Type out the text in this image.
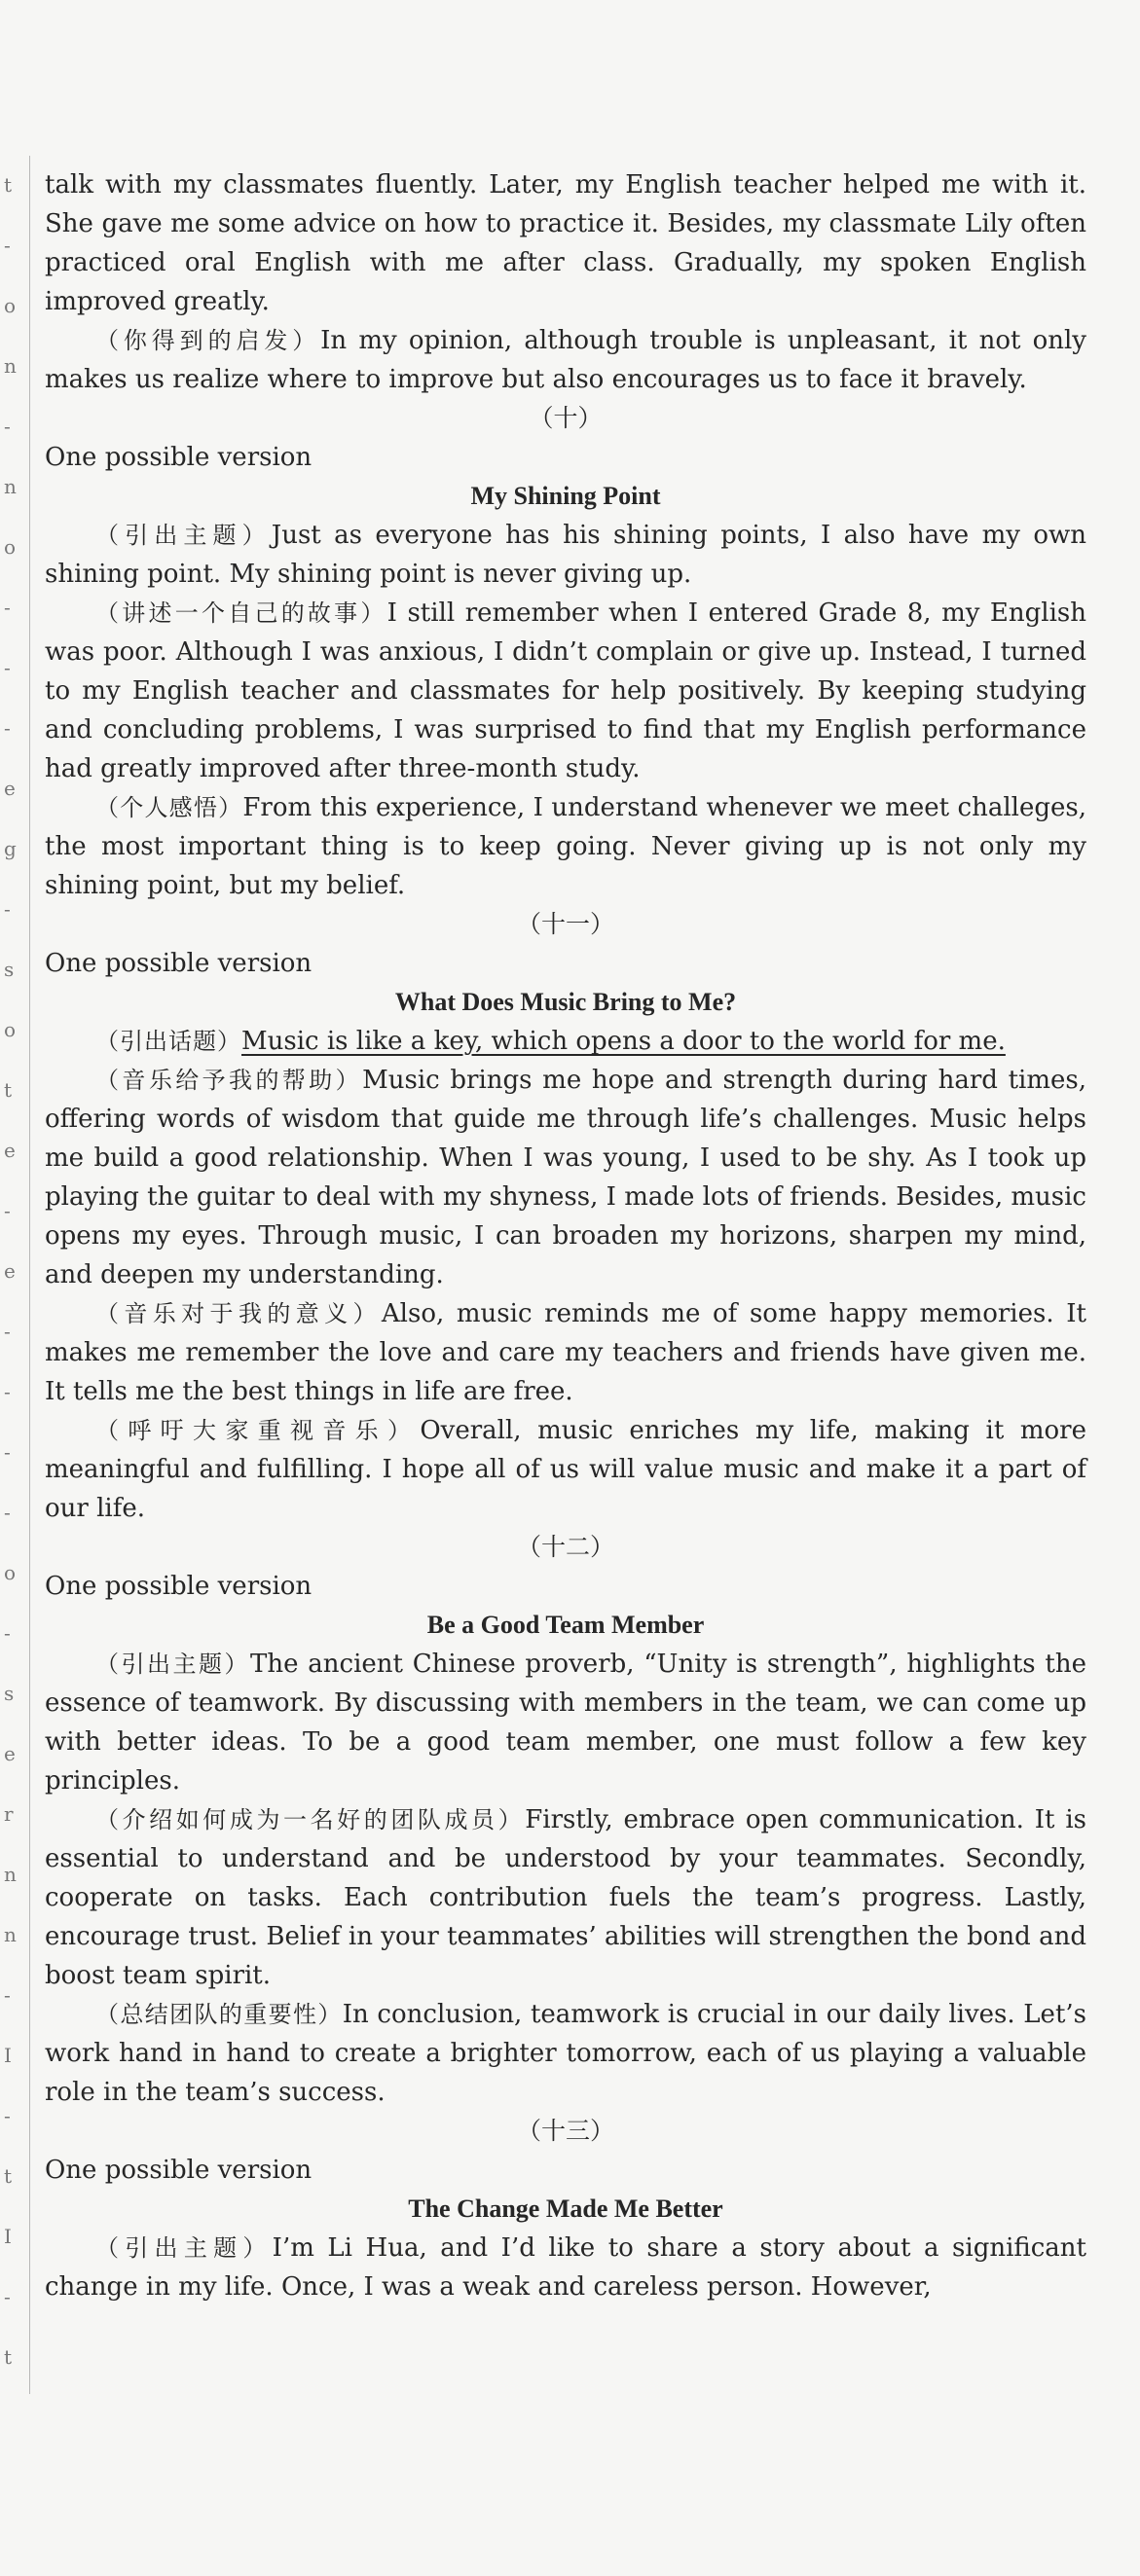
talk with my classmates fluently. Later, my English teacher helped me with it. She gave me some advice on how to practice it. Besides, my classmate Lily often practiced oral English with me after class. Gradually, my spoken English improved greatly.

（你得到的启发）In my opinion, although trouble is unpleasant, it not only makes us realize where to improve but also encourages us to face it bravely.

（十）

One possible version

My Shining Point

（引出主题）Just as everyone has his shining points, I also have my own shining point. My shining point is never giving up.

（讲述一个自己的故事）I still remember when I entered Grade 8, my English was poor. Although I was anxious, I didn’t complain or give up. Instead, I turned to my English teacher and classmates for help positively. By keeping studying and concluding problems, I was surprised to find that my English performance had greatly improved after three-month study.

（个人感悟）From this experience, I understand whenever we meet challeges, the most important thing is to keep going. Never giving up is not only my shining point, but my belief.

（十一）

One possible version

What Does Music Bring to Me?

（引出话题）Music is like a key, which opens a door to the world for me.

（音乐给予我的帮助）Music brings me hope and strength during hard times, offering words of wisdom that guide me through life’s challenges. Music helps me build a good relationship. When I was young, I used to be shy. As I took up playing the guitar to deal with my shyness, I made lots of friends. Besides, music opens my eyes. Through music, I can broaden my horizons, sharpen my mind, and deepen my understanding.

（音乐对于我的意义）Also, music reminds me of some happy memories. It makes me remember the love and care my teachers and friends have given me. It tells me the best things in life are free.

（呼吁大家重视音乐）Overall, music enriches my life, making it more meaningful and fulfilling. I hope all of us will value music and make it a part of our life.

（十二）

One possible version

Be a Good Team Member

（引出主题）The ancient Chinese proverb, “Unity is strength”, highlights the essence of teamwork. By discussing with members in the team, we can come up with better ideas. To be a good team member, one must follow a few key principles.

（介绍如何成为一名好的团队成员）Firstly, embrace open communication. It is essential to understand and be understood by your teammates. Secondly, cooperate on tasks. Each contribution fuels the team’s progress. Lastly, encourage trust. Belief in your teammates’ abilities will strengthen the bond and boost team spirit.

（总结团队的重要性）In conclusion, teamwork is crucial in our daily lives. Let’s work hand in hand to create a brighter tomorrow, each of us playing a valuable role in the team’s success.

（十三）

One possible version

The Change Made Me Better

（引出主题）I’m Li Hua, and I’d like to share a story about a significant change in my life. Once, I was a weak and careless person. However,

t
-
o
n
-
n
o
-
-
-
e
g
-
s
o
t
e
-
e
-
-
-
-
o
-
s
e
r
n
n
-
I
-
t
I
-
t
